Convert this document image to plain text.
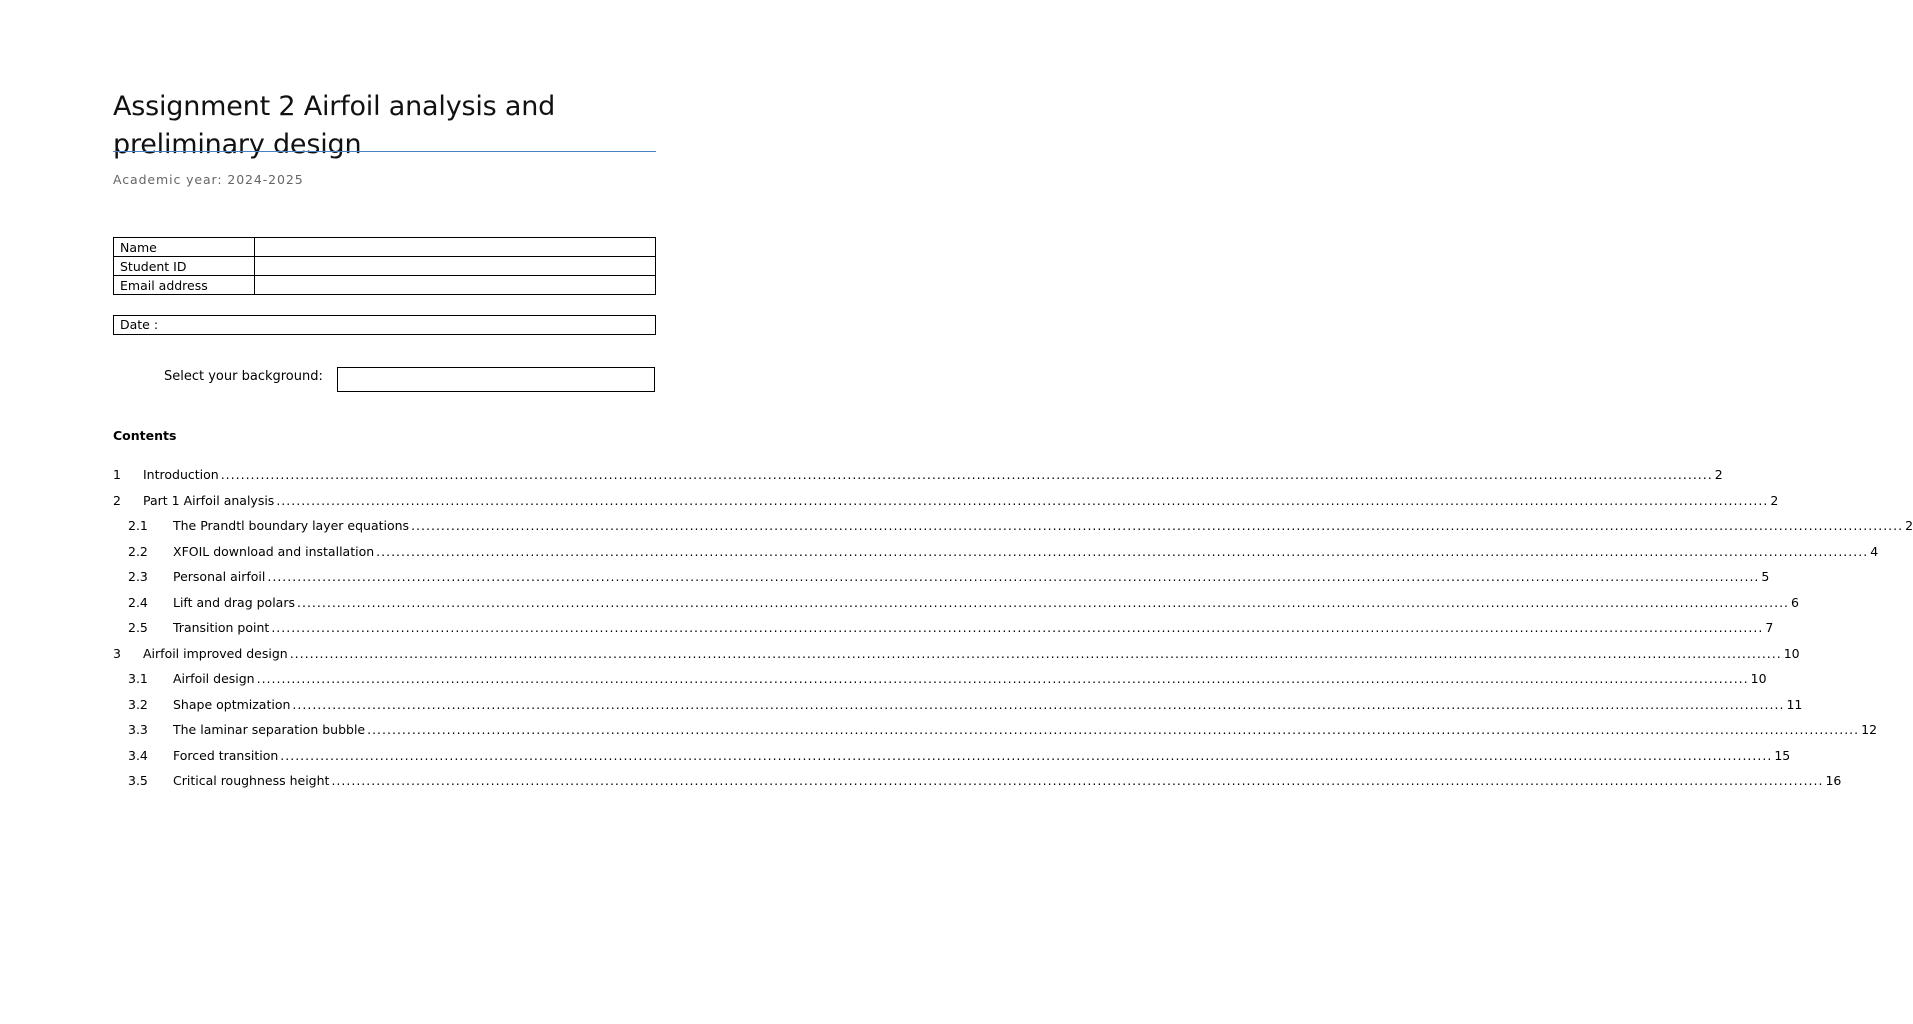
Assignment 2 Airfoil analysis and preliminary design
Academic year: 2024-2025
Name	
Student ID	
Email address	
Date :
Select your background:
Contents
1	Introduction ............................................................................................................................................................................................................................................................................................................ 2
2	Part 1 Airfoil analysis ............................................................................................................................................................................................................................................................................................................ 2
2.1	The Prandtl boundary layer equations ............................................................................................................................................................................................................................................................................................................ 2
2.2	XFOIL download and installation ............................................................................................................................................................................................................................................................................................................ 4
2.3	Personal airfoil ............................................................................................................................................................................................................................................................................................................ 5
2.4	Lift and drag polars ............................................................................................................................................................................................................................................................................................................ 6
2.5	Transition point ............................................................................................................................................................................................................................................................................................................ 7
3	Airfoil improved design ............................................................................................................................................................................................................................................................................................................ 10
3.1	Airfoil design ............................................................................................................................................................................................................................................................................................................ 10
3.2	Shape optmization ............................................................................................................................................................................................................................................................................................................ 11
3.3	The laminar separation bubble ............................................................................................................................................................................................................................................................................................................ 12
3.4	Forced transition ............................................................................................................................................................................................................................................................................................................ 15
3.5	Critical roughness height ............................................................................................................................................................................................................................................................................................................ 16
